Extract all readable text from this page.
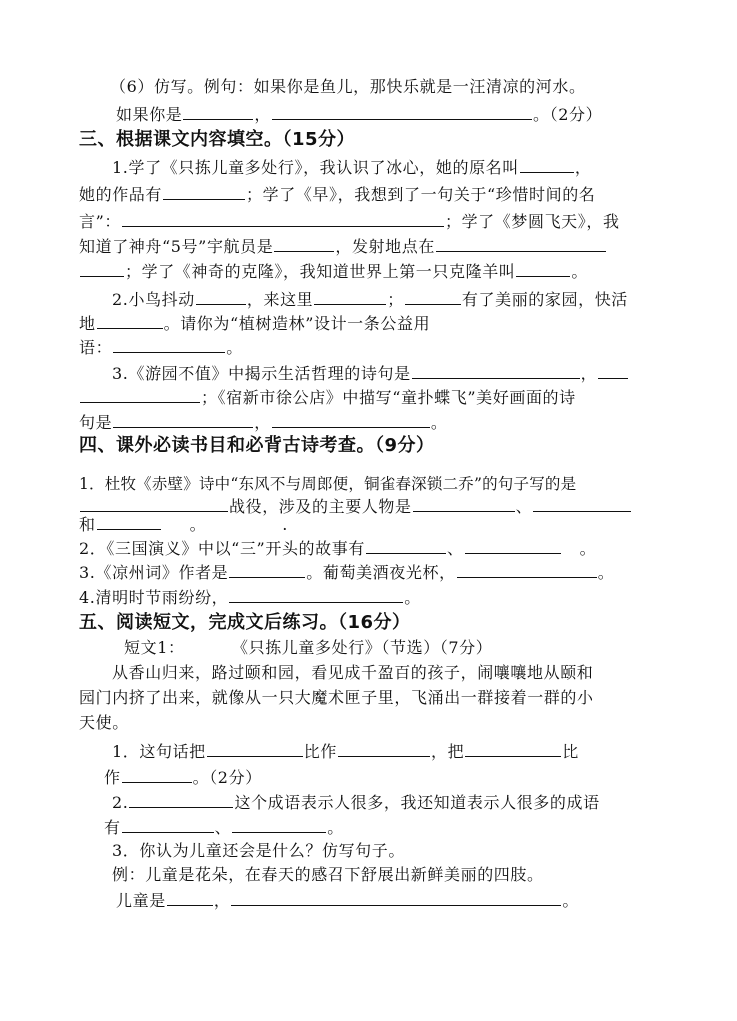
（6）仿写。例句：如果你是鱼儿，那快乐就是一汪清凉的河水。
如果你是	，	。（2分）
三、根据课文内容填空。（15分）
1.学了《只拣儿童多处行》，我认识了冰心，她的原名叫	，
她的作品有	；学了《早》，我想到了一句关于“珍惜时间的名
言”：	；学了《梦圆飞天》，我
知道了神舟“5号”宇航员是	，发射地点在
；学了《神奇的克隆》，我知道世界上第一只克隆羊叫	。
2.小鸟抖动	，来这里	；	有了美丽的家园，快活
地	。请你为“植树造林”设计一条公益用
语：	。
3.《游园不值》中揭示生活哲理的诗句是	，
；《宿新市徐公店》中描写“童扑蝶飞”美好画面的诗
句是	，	。
四、课外必读书目和必背古诗考查。（9分）
1．杜牧《赤壁》诗中“东风不与周郎便，铜雀春深锁二乔”的句子写的是
战役，涉及的主要人物是	、
和	。	.
2．《三国演义》中以“三”开头的故事有	、	。
3.《凉州词》作者是	。葡萄美酒夜光杯，	。
4.清明时节雨纷纷，	。
五、阅读短文，完成文后练习。（16分）
短文1：	《只拣儿童多处行》（节选）（7分）
从香山归来，路过颐和园，看见成千盈百的孩子，闹嚷嚷地从颐和
园门内挤了出来，就像从一只大魔术匣子里，飞涌出一群接着一群的小
天使。
1．这句话把	比作	，把	比
作	。（2分）
2.	这个成语表示人很多，我还知道表示人很多的成语
有	、	。
3．你认为儿童还会是什么？仿写句子。
例：儿童是花朵，在春天的感召下舒展出新鲜美丽的四肢。
儿童是	，	。
